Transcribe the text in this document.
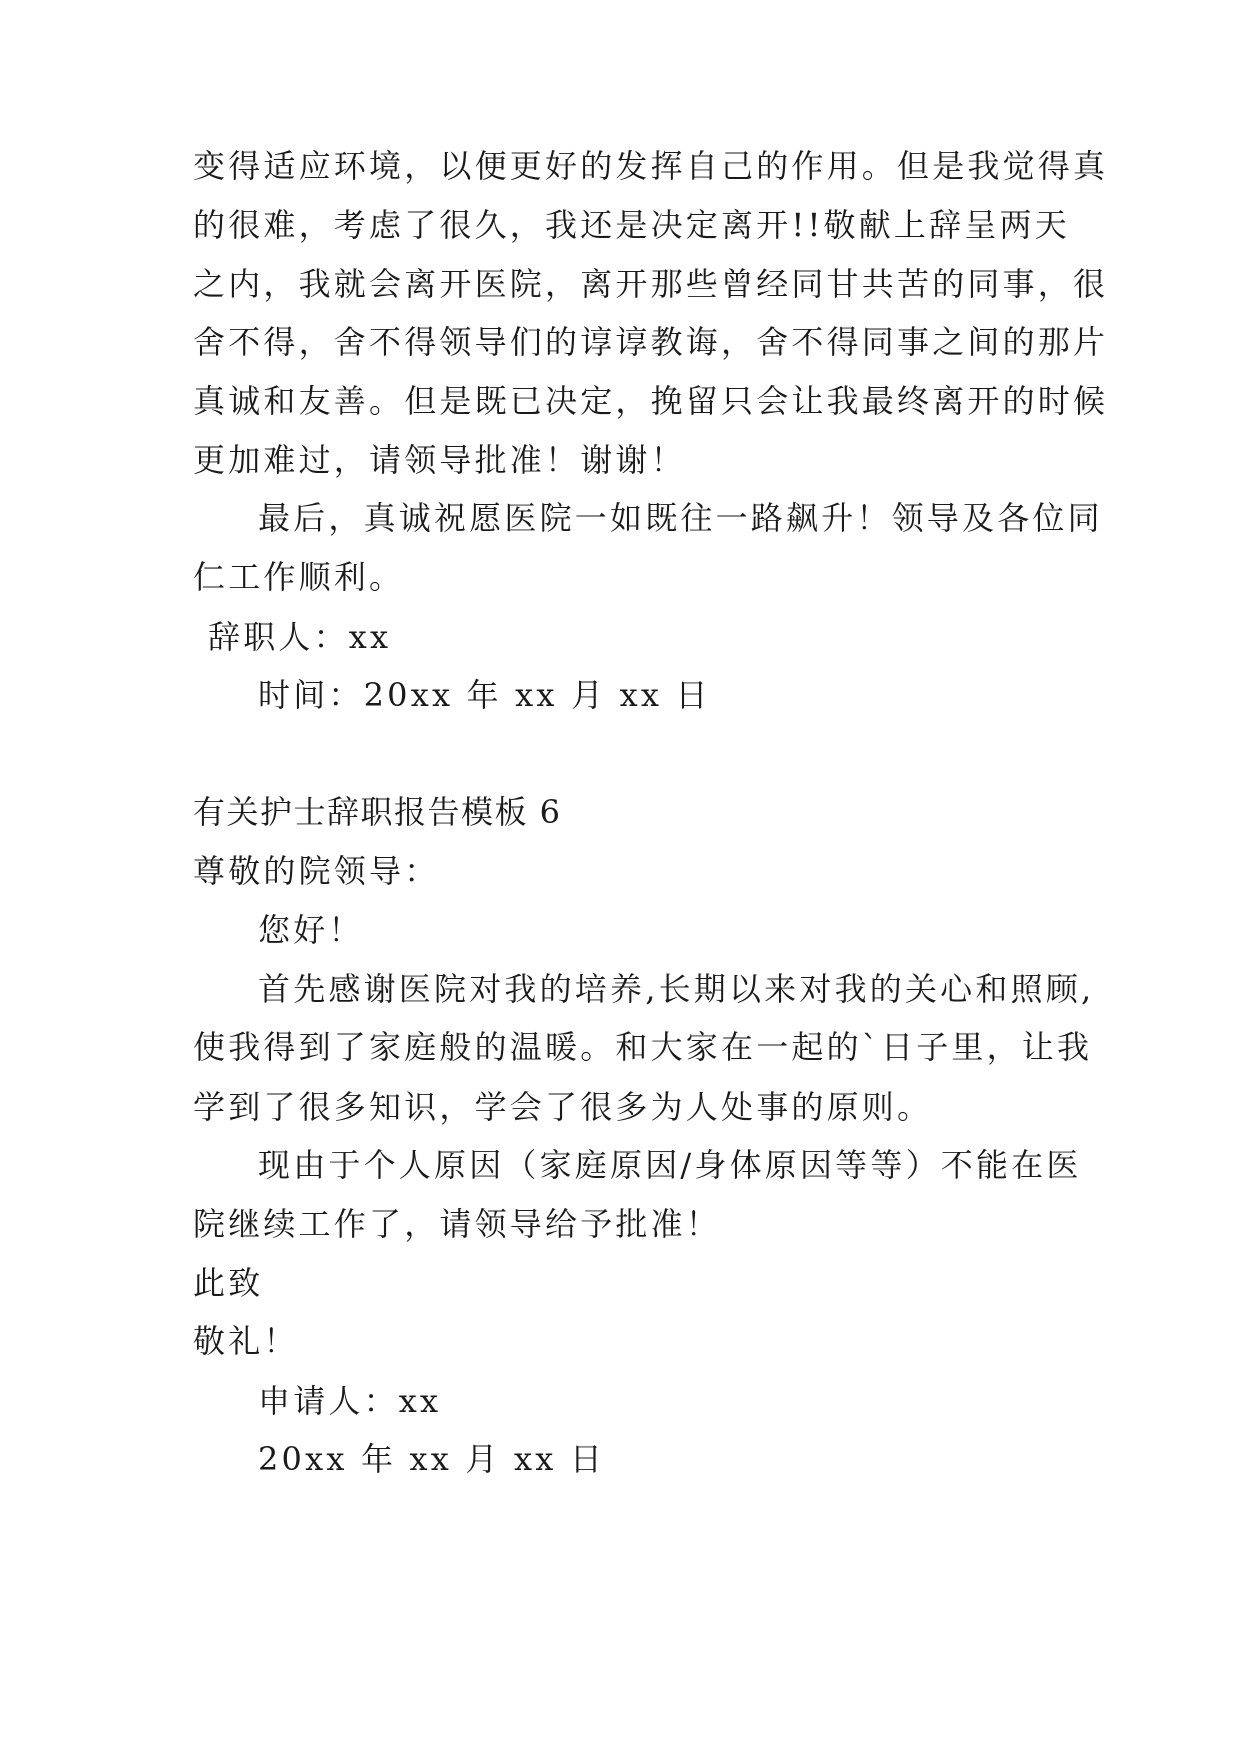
变得适应环境，以便更好的发挥自己的作用。但是我觉得真
的很难，考虑了很久，我还是决定离开!!敬献上辞呈两天
之内，我就会离开医院，离开那些曾经同甘共苦的同事，很
舍不得，舍不得领导们的谆谆教诲，舍不得同事之间的那片
真诚和友善。但是既已决定，挽留只会让我最终离开的时候
更加难过，请领导批准！谢谢！
最后，真诚祝愿医院一如既往一路飙升！领导及各位同
仁工作顺利。
辞职人：xx
时间：20xx 年 xx 月 xx 日
有关护士辞职报告模板 6
尊敬的院领导：
您好！
首先感谢医院对我的培养,长期以来对我的关心和照顾,
使我得到了家庭般的温暖。和大家在一起的`日子里，让我
学到了很多知识，学会了很多为人处事的原则。
现由于个人原因（家庭原因/身体原因等等）不能在医
院继续工作了，请领导给予批准！
此致
敬礼！
申请人：xx
20xx 年 xx 月 xx 日
